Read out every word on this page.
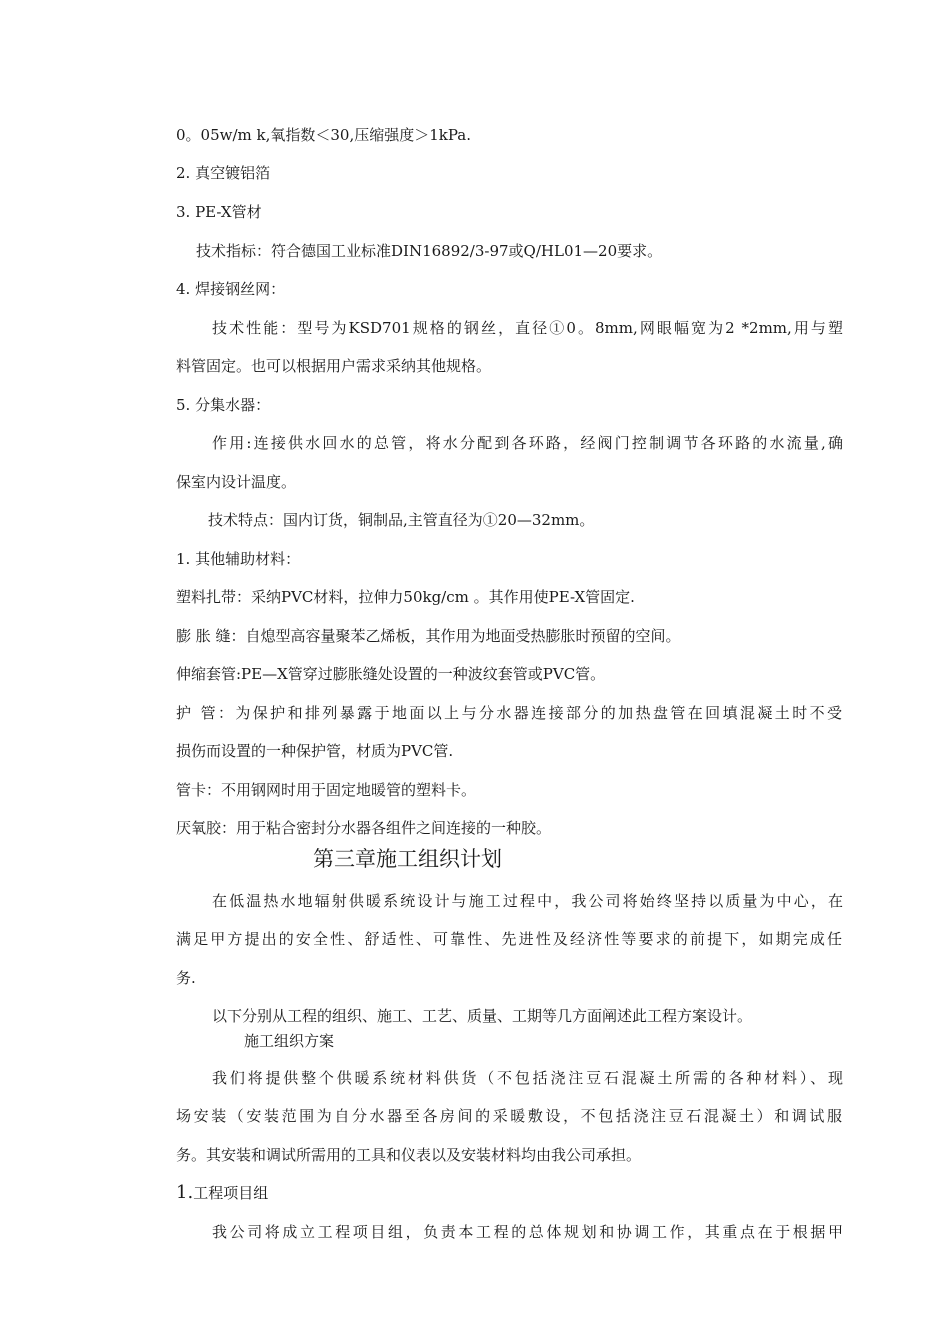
0。05w/m k,氧指数＜30,压缩强度＞1kPa.
2. 真空镀铝箔
3. PE-X管材
技术指标：符合德国工业标准DIN16892/3-97或Q/HL01—20要求。
4. 焊接钢丝网：
技术性能：型号为KSD701规格的钢丝，直径①0。8mm,网眼幅宽为2 *2mm,用与塑
料管固定。也可以根据用户需求采纳其他规格。
5. 分集水器：
作用:连接供水回水的总管，将水分配到各环路，经阀门控制调节各环路的水流量,确
保室内设计温度。
技术特点：国内订货，铜制品,主管直径为①20—32mm。
1. 其他辅助材料：
塑料扎带：采纳PVC材料，拉伸力50kg/cm 。其作用使PE-X管固定.
膨 胀 缝：自熄型高容量聚苯乙烯板，其作用为地面受热膨胀时预留的空间。
伸缩套管:PE—X管穿过膨胀缝处设置的一种波纹套管或PVC管。
护 管：为保护和排列暴露于地面以上与分水器连接部分的加热盘管在回填混凝土时不受
损伤而设置的一种保护管，材质为PVC管.
管卡：不用钢网时用于固定地暖管的塑料卡。
厌氧胶：用于粘合密封分水器各组件之间连接的一种胶。
第三章施工组织计划
在低温热水地辐射供暖系统设计与施工过程中，我公司将始终坚持以质量为中心，在
满足甲方提出的安全性、舒适性、可靠性、先进性及经济性等要求的前提下，如期完成任
务.
以下分别从工程的组织、施工、工艺、质量、工期等几方面阐述此工程方案设计。
施工组织方案
我们将提供整个供暖系统材料供货（不包括浇注豆石混凝土所需的各种材料）、现
场安装（安装范围为自分水器至各房间的采暖敷设，不包括浇注豆石混凝土）和调试服
务。其安装和调试所需用的工具和仪表以及安装材料均由我公司承担。
1.工程项目组
我公司将成立工程项目组，负责本工程的总体规划和协调工作，其重点在于根据甲
